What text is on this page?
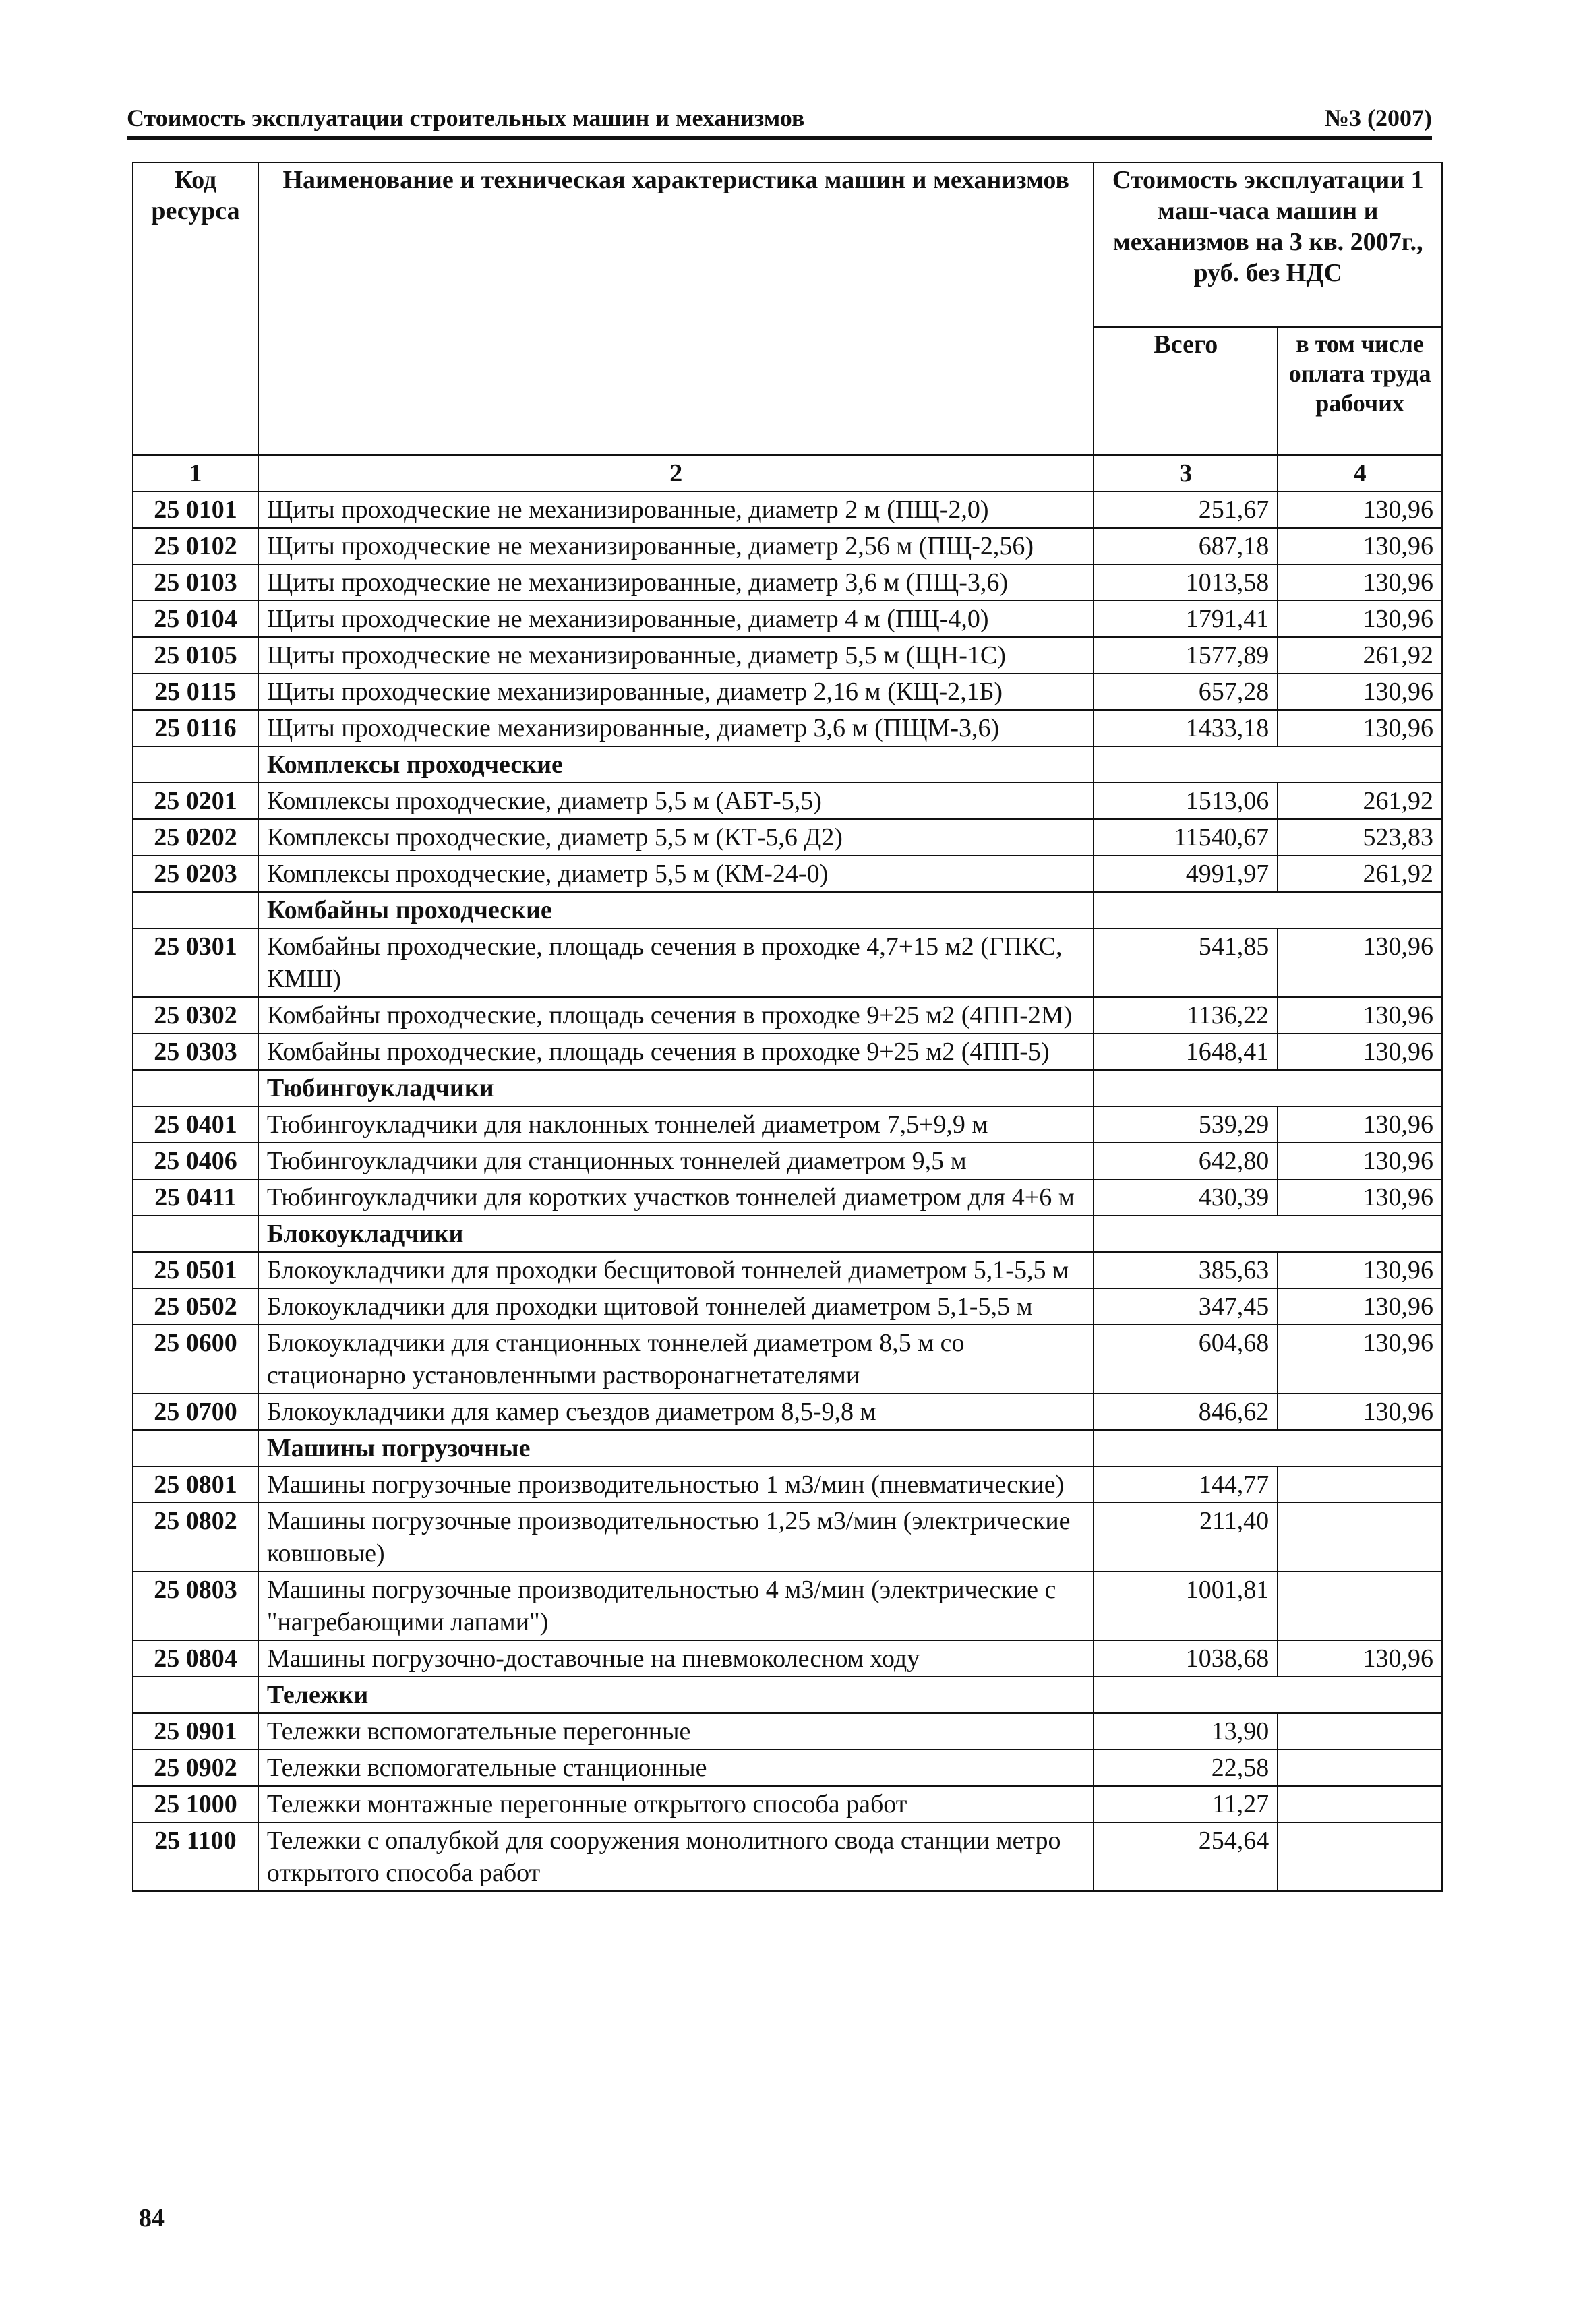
Стоимость эксплуатации строительных машин и механизмов	№3 (2007)
Код ресурса	Наименование и техническая характеристика машин и механизмов	Стоимость эксплуатации 1 маш-часа машин и механизмов на 3 кв. 2007г., руб. без НДС	
		Всего	в том числе оплата труда рабочих
1	2	3	4
25 0101	Щиты проходческие не механизированные, диаметр 2 м (ПЩ-2,0)	251,67	130,96
25 0102	Щиты проходческие не механизированные, диаметр 2,56 м (ПЩ-2,56)	687,18	130,96
25 0103	Щиты проходческие не механизированные, диаметр 3,6 м (ПЩ-3,6)	1013,58	130,96
25 0104	Щиты проходческие не механизированные, диаметр 4 м (ПЩ-4,0)	1791,41	130,96
25 0105	Щиты проходческие не механизированные, диаметр 5,5 м (ЩН-1С)	1577,89	261,92
25 0115	Щиты проходческие механизированные, диаметр 2,16 м (КЩ-2,1Б)	657,28	130,96
25 0116	Щиты проходческие механизированные, диаметр 3,6 м (ПЩМ-3,6)	1433,18	130,96
	Комплексы проходческие		
25 0201	Комплексы проходческие, диаметр 5,5 м (АБТ-5,5)	1513,06	261,92
25 0202	Комплексы проходческие, диаметр 5,5 м (КТ-5,6 Д2)	11540,67	523,83
25 0203	Комплексы проходческие, диаметр 5,5 м (КМ-24-0)	4991,97	261,92
	Комбайны проходческие		
25 0301	Комбайны проходческие, площадь сечения в проходке 4,7+15 м2 (ГПКС, КМШ)	541,85	130,96
25 0302	Комбайны проходческие, площадь сечения в проходке 9+25 м2 (4ПП-2М)	1136,22	130,96
25 0303	Комбайны проходческие, площадь сечения в проходке 9+25 м2 (4ПП-5)	1648,41	130,96
	Тюбингоукладчики		
25 0401	Тюбингоукладчики для наклонных тоннелей диаметром 7,5+9,9 м	539,29	130,96
25 0406	Тюбингоукладчики для станционных тоннелей диаметром 9,5 м	642,80	130,96
25 0411	Тюбингоукладчики для коротких участков тоннелей диаметром для 4+6 м	430,39	130,96
	Блокоукладчики		
25 0501	Блокоукладчики для проходки бесщитовой тоннелей диаметром 5,1-5,5 м	385,63	130,96
25 0502	Блокоукладчики для проходки щитовой тоннелей диаметром 5,1-5,5 м	347,45	130,96
25 0600	Блокоукладчики для станционных тоннелей диаметром 8,5 м со стационарно установленными растворонагнетателями	604,68	130,96
25 0700	Блокоукладчики для камер съездов диаметром 8,5-9,8 м	846,62	130,96
	Машины погрузочные		
25 0801	Машины погрузочные производительностью 1 м3/мин (пневматические)	144,77	
25 0802	Машины погрузочные производительностью 1,25 м3/мин (электрические ковшовые)	211,40	
25 0803	Машины погрузочные производительностью 4 м3/мин (электрические с "нагребающими лапами")	1001,81	
25 0804	Машины погрузочно-доставочные на пневмоколесном ходу	1038,68	130,96
	Тележки		
25 0901	Тележки вспомогательные перегонные	13,90	
25 0902	Тележки вспомогательные станционные	22,58	
25 1000	Тележки монтажные перегонные открытого способа работ	11,27	
25 1100	Тележки с опалубкой для сооружения монолитного свода станции метро открытого способа работ	254,64	
84
